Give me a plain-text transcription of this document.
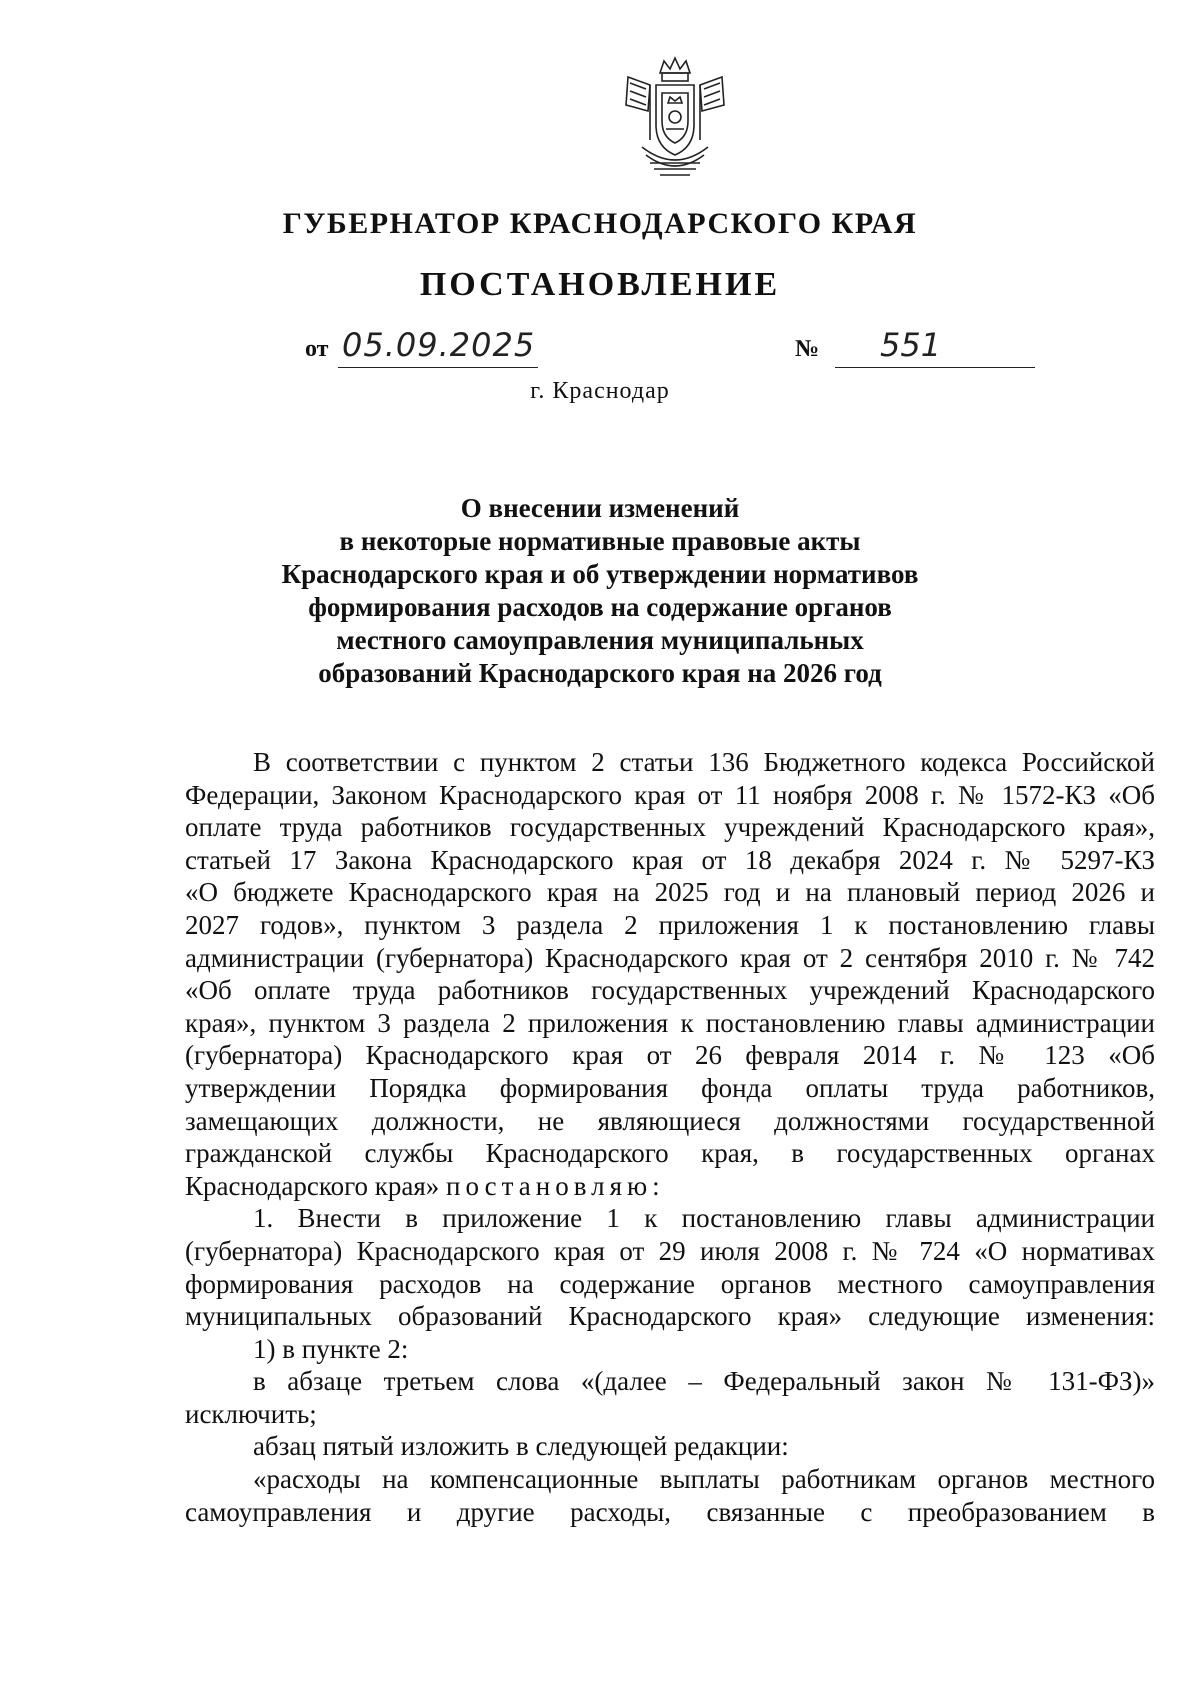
ГУБЕРНАТОР КРАСНОДАРСКОГО КРАЯ
ПОСТАНОВЛЕНИЕ
от 05.09.2025	№ 551
г. Краснодар
О внесении изменений
в некоторые нормативные правовые акты
Краснодарского края и об утверждении нормативов
формирования расходов на содержание органов
местного самоуправления муниципальных
образований Краснодарского края на 2026 год
В соответствии с пунктом 2 статьи 136 Бюджетного кодекса Российской
Федерации, Законом Краснодарского края от 11 ноября 2008 г. № 1572-КЗ «Об
оплате труда работников государственных учреждений Краснодарского края»,
статьей 17 Закона Краснодарского края от 18 декабря 2024 г. № 5297-КЗ
«О бюджете Краснодарского края на 2025 год и на плановый период 2026 и
2027 годов», пунктом 3 раздела 2 приложения 1 к постановлению главы
администрации (губернатора) Краснодарского края от 2 сентября 2010 г. № 742
«Об оплате труда работников государственных учреждений Краснодарского
края», пунктом 3 раздела 2 приложения к постановлению главы администрации
(губернатора) Краснодарского края от 26 февраля 2014 г. № 123 «Об
утверждении Порядка формирования фонда оплаты труда работников,
замещающих должности, не являющиеся должностями государственной
гражданской службы Краснодарского края, в государственных органах
Краснодарского края» постановляю:
1. Внести в приложение 1 к постановлению главы администрации
(губернатора) Краснодарского края от 29 июля 2008 г. № 724 «О нормативах
формирования расходов на содержание органов местного самоуправления
муниципальных образований Краснодарского края» следующие изменения:
1) в пункте 2:
в абзаце третьем слова «(далее – Федеральный закон № 131-ФЗ)»
исключить;
абзац пятый изложить в следующей редакции:
«расходы на компенсационные выплаты работникам органов местного
самоуправления и другие расходы, связанные с преобразованием в
